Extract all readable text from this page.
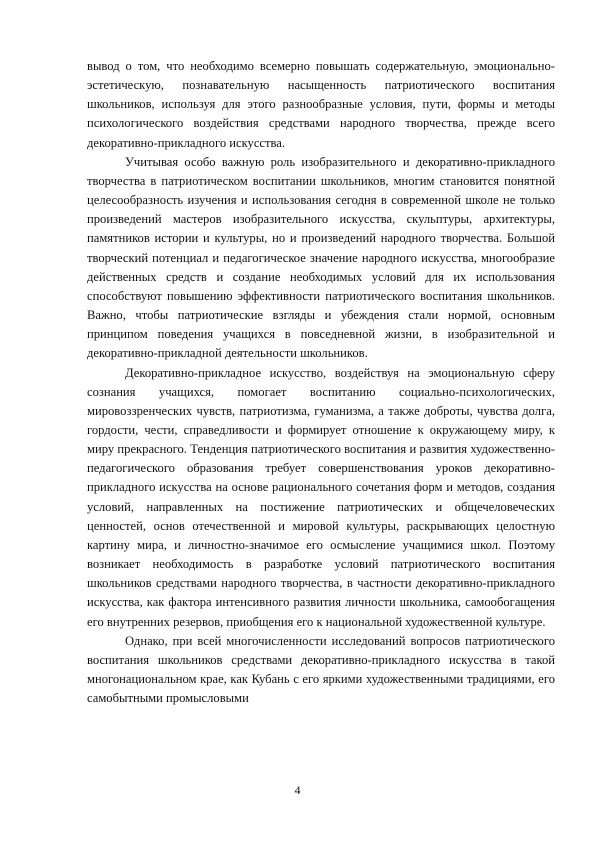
вывод о том, что необходимо всемерно повышать содержательную, эмоционально-эстетическую, познавательную насыщенность патриотического воспитания школьников, используя для этого разнообразные условия, пути, формы и методы психологического воздействия средствами народного творчества, прежде всего декоративно-прикладного искусства.

Учитывая особо важную роль изобразительного и декоративно-прикладного творчества в патриотическом воспитании школьников, многим становится понятной целесообразность изучения и использования сегодня в современной школе не только произведений мастеров изобразительного искусства, скульптуры, архитектуры, памятников истории и культуры, но и произведений народного творчества. Большой творческий потенциал и педагогическое значение народного искусства, многообразие действенных средств и создание необходимых условий для их использования способствуют повышению эффективности патриотического воспитания школьников. Важно, чтобы патриотические взгляды и убеждения стали нормой, основным принципом поведения учащихся в повседневной жизни, в изобразительной и декоративно-прикладной деятельности школьников.

Декоративно-прикладное искусство, воздействуя на эмоциональную сферу сознания учащихся, помогает воспитанию социально-психологических, мировоззренческих чувств, патриотизма, гуманизма, а также доброты, чувства долга, гордости, чести, справедливости и формирует отношение к окружающему миру, к миру прекрасного. Тенденция патриотического воспитания и развития художественно-педагогического образования требует совершенствования уроков декоративно-прикладного искусства на основе рационального сочетания форм и методов, создания условий, направленных на постижение патриотических и общечеловеческих ценностей, основ отечественной и мировой культуры, раскрывающих целостную картину мира, и личностно-значимое его осмысление учащимися школ. Поэтому возникает необходимость в разработке условий патриотического воспитания школьников средствами народного творчества, в частности декоративно-прикладного искусства, как фактора интенсивного развития личности школьника, самообогащения его внутренних резервов, приобщения его к национальной художественной культуре.

Однако, при всей многочисленности исследований вопросов патриотического воспитания школьников средствами декоративно-прикладного искусства в такой многонациональном крае, как Кубань с его яркими художественными традициями, его самобытными промысловыми

4
